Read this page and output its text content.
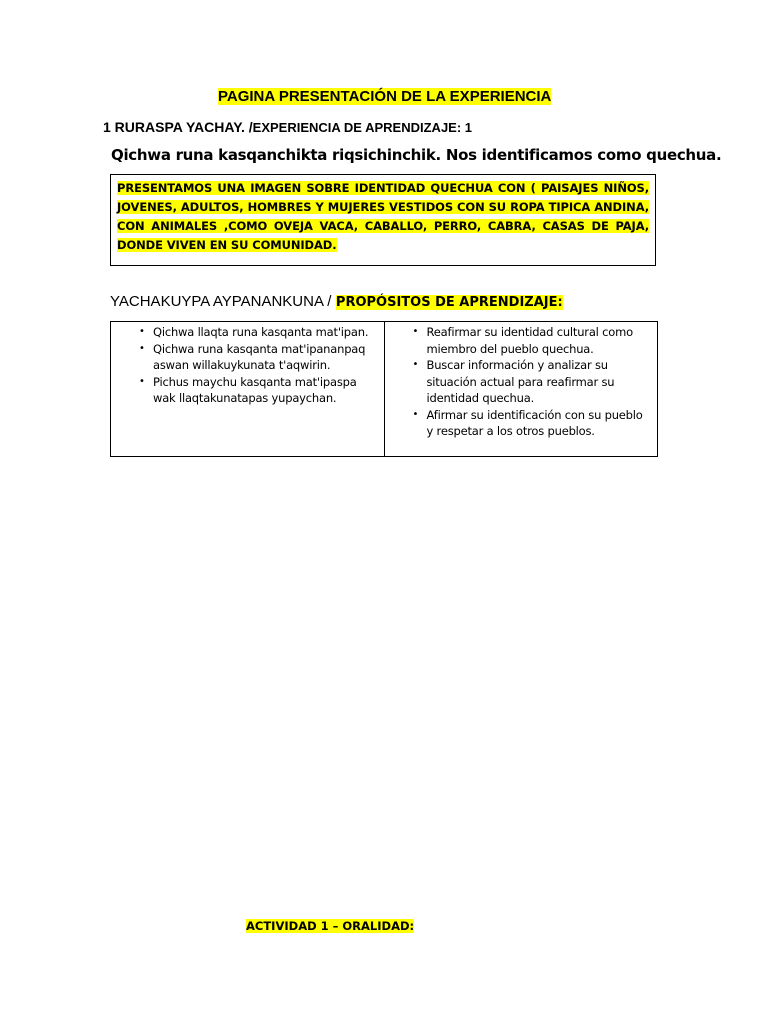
PAGINA PRESENTACIÓN DE LA EXPERIENCIA
1 RURASPA YACHAY. /EXPERIENCIA DE APRENDIZAJE: 1
Qichwa runa kasqanchikta riqsichinchik. Nos identificamos como quechua.
PRESENTAMOS UNA IMAGEN SOBRE IDENTIDAD QUECHUA CON ( PAISAJES NIÑOS, JOVENES, ADULTOS, HOMBRES Y MUJERES VESTIDOS CON SU ROPA TIPICA ANDINA, CON ANIMALES ,COMO OVEJA VACA, CABALLO, PERRO, CABRA, CASAS DE PAJA, DONDE VIVEN EN SU COMUNIDAD.
YACHAKUYPA AYPANANKUNA / PROPÓSITOS DE APRENDIZAJE:
• Qichwa llaqta runa kasqanta mat'ipan.
• Qichwa runa kasqanta mat'ipananpaq aswan willakuykunata t'aqwirin.
• Pichus maychu kasqanta mat'ipaspa wak llaqtakunatapas yupaychan.
• Reafirmar su identidad cultural como miembro del pueblo quechua.
• Buscar información y analizar su situación actual para reafirmar su identidad quechua.
• Afirmar su identificación con su pueblo y respetar a los otros pueblos.
ACTIVIDAD 1 – ORALIDAD:
